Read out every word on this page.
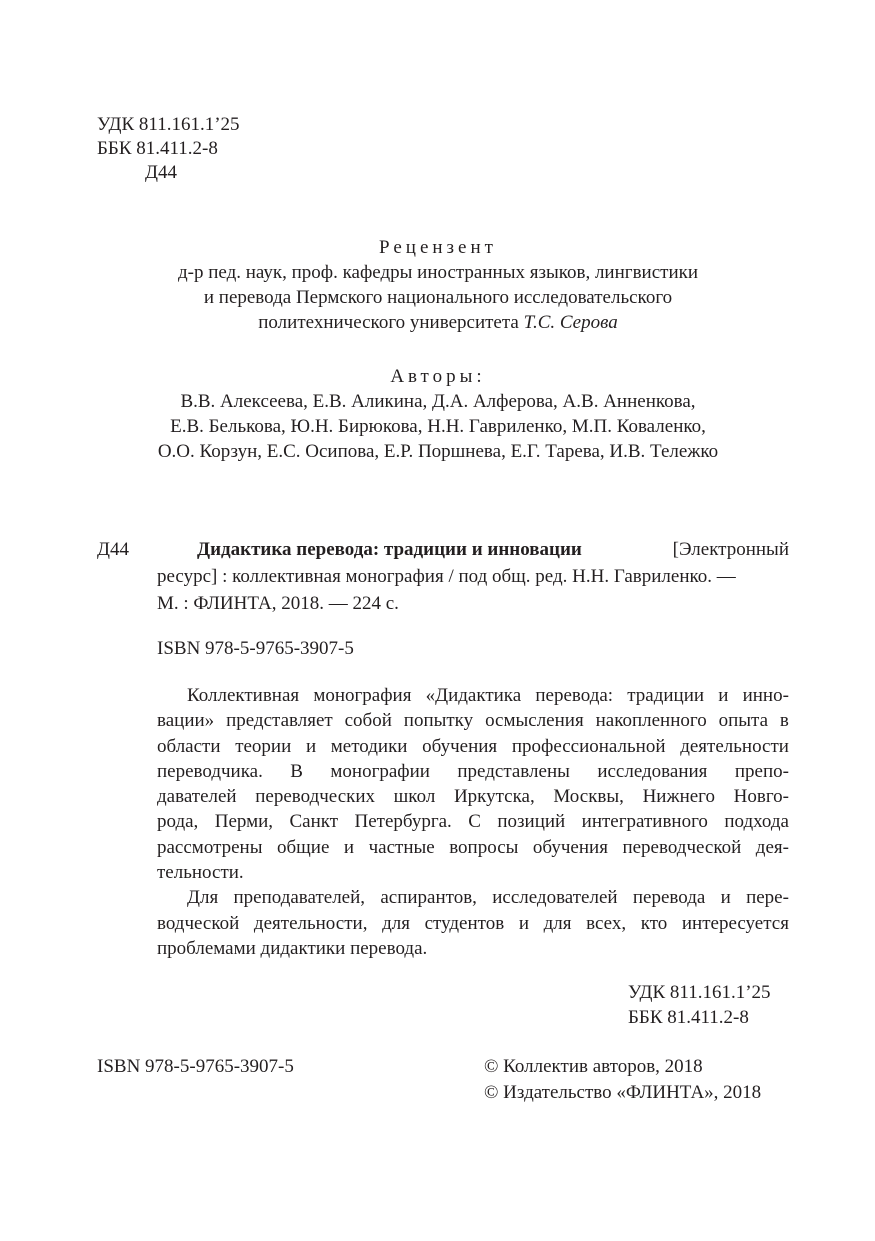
УДК 811.161.1’25
ББК 81.411.2-8
Д44
Рецензент
д-р пед. наук, проф. кафедры иностранных языков, лингвистики
и перевода Пермского национального исследовательского
политехнического университета Т.С. Серова
Авторы:
В.В. Алексеева, Е.В. Аликина, Д.А. Алферова, А.В. Анненкова,
Е.В. Белькова, Ю.Н. Бирюкова, Н.Н. Гавриленко, М.П. Коваленко,
О.О. Корзун, Е.С. Осипова, Е.Р. Поршнева, Е.Г. Тарева, И.В. Тележко
Д44	Дидактика перевода: традиции и инновации	[Электронный
ресурс] : коллективная монография / под общ. ред. Н.Н. Гавриленко. —
М. : ФЛИНТА, 2018. — 224 с.
ISBN 978-5-9765-3907-5
Коллективная монография «Дидактика перевода: традиции и инно-
вации» представляет собой попытку осмысления накопленного опыта в
области теории и методики обучения профессиональной деятельности
переводчика. В монографии представлены исследования препо-
давателей переводческих школ Иркутска, Москвы, Нижнего Новго-
рода, Перми, Санкт Петербурга. С позиций интегративного подхода
рассмотрены общие и частные вопросы обучения переводческой дея-
тельности.
Для преподавателей, аспирантов, исследователей перевода и пере-
водческой деятельности, для студентов и для всех, кто интересуется
проблемами дидактики перевода.
УДК 811.161.1’25
ББК 81.411.2-8
ISBN 978-5-9765-3907-5	© Коллектив авторов, 2018
© Издательство «ФЛИНТА», 2018
